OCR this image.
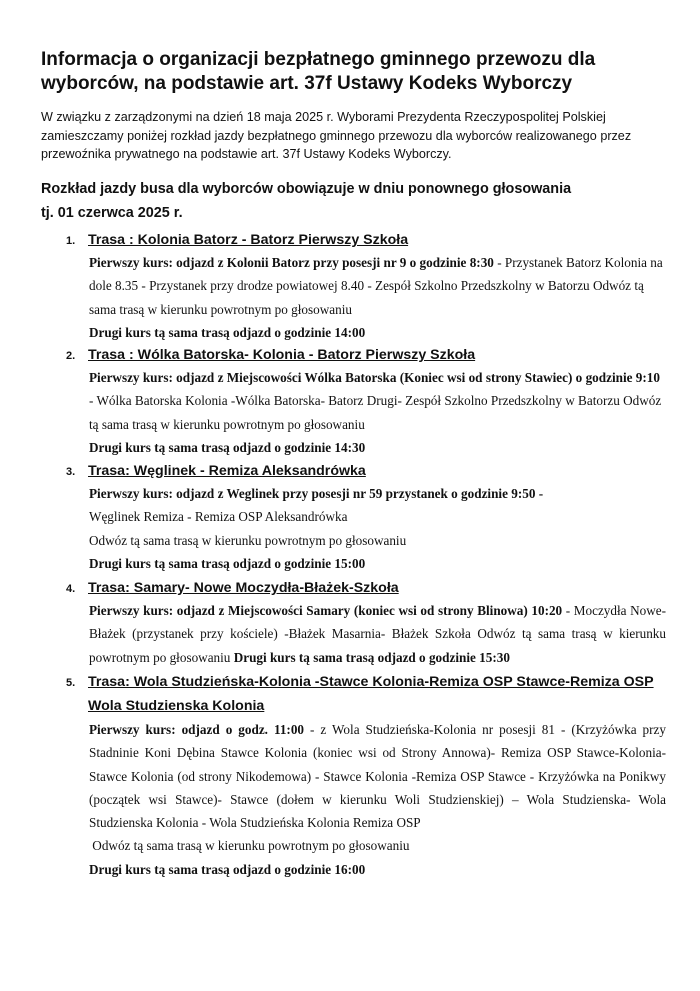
Informacja o organizacji bezpłatnego gminnego przewozu dla wyborców, na podstawie art. 37f Ustawy Kodeks Wyborczy
W związku z zarządzonymi na dzień 18 maja 2025 r. Wyborami Prezydenta Rzeczypospolitej Polskiej zamieszczamy poniżej rozkład jazdy bezpłatnego gminnego przewozu dla wyborców realizowanego przez przewoźnika prywatnego na podstawie art. 37f Ustawy Kodeks Wyborczy.
Rozkład jazdy busa dla wyborców obowiązuje w dniu ponownego głosowania
tj. 01 czerwca 2025 r.
1. Trasa : Kolonia Batorz - Batorz Pierwszy Szkoła
Pierwszy kurs: odjazd z Kolonii Batorz przy posesji nr 9 o godzinie 8:30 - Przystanek Batorz Kolonia na dole 8.35 - Przystanek przy drodze powiatowej 8.40 - Zespół Szkolno Przedszkolny w Batorzu Odwóz tą sama trasą w kierunku powrotnym po głosowaniu
Drugi kurs tą sama trasą odjazd o godzinie 14:00
2. Trasa : Wólka Batorska- Kolonia - Batorz Pierwszy Szkoła
Pierwszy kurs: odjazd z Miejscowości Wólka Batorska (Koniec wsi od strony Stawiec) o godzinie 9:10 - Wólka Batorska Kolonia -Wólka Batorska- Batorz Drugi- Zespół Szkolno Przedszkolny w Batorzu Odwóz tą sama trasą w kierunku powrotnym po głosowaniu
Drugi kurs tą sama trasą odjazd o godzinie 14:30
3. Trasa: Węglinek - Remiza Aleksandrówka
Pierwszy kurs: odjazd z Weglinek przy posesji nr 59 przystanek o godzinie 9:50 -
Węglinek Remiza - Remiza OSP Aleksandrówka
Odwóz tą sama trasą w kierunku powrotnym po głosowaniu
Drugi kurs tą sama trasą odjazd o godzinie 15:00
4. Trasa: Samary- Nowe Moczydła-Błażek-Szkoła
Pierwszy kurs: odjazd z Miejscowości Samary (koniec wsi od strony Blinowa) 10:20 - Moczydła Nowe- Błażek (przystanek przy kościele) -Błażek Masarnia- Błażek Szkoła Odwóz tą sama trasą w kierunku powrotnym po głosowaniu Drugi kurs tą sama trasą odjazd o godzinie 15:30
5. Trasa: Wola Studzieńska-Kolonia -Stawce Kolonia-Remiza OSP Stawce-Remiza OSP
Wola Studzienska Kolonia
Pierwszy kurs: odjazd o godz. 11:00 - z Wola Studzieńska-Kolonia nr posesji 81 - (Krzyżówka przy Stadninie Koni Dębina Stawce Kolonia (koniec wsi od Strony Annowa)- Remiza OSP Stawce-Kolonia- Stawce Kolonia (od strony Nikodemowa) - Stawce Kolonia -Remiza OSP Stawce - Krzyżówka na Ponikwy (początek wsi Stawce)- Stawce (dołem w kierunku Woli Studzienskiej) – Wola Studzienska- Wola Studzienska Kolonia - Wola Studzieńska Kolonia Remiza OSP
Odwóz tą sama trasą w kierunku powrotnym po głosowaniu
Drugi kurs tą sama trasą odjazd o godzinie 16:00
